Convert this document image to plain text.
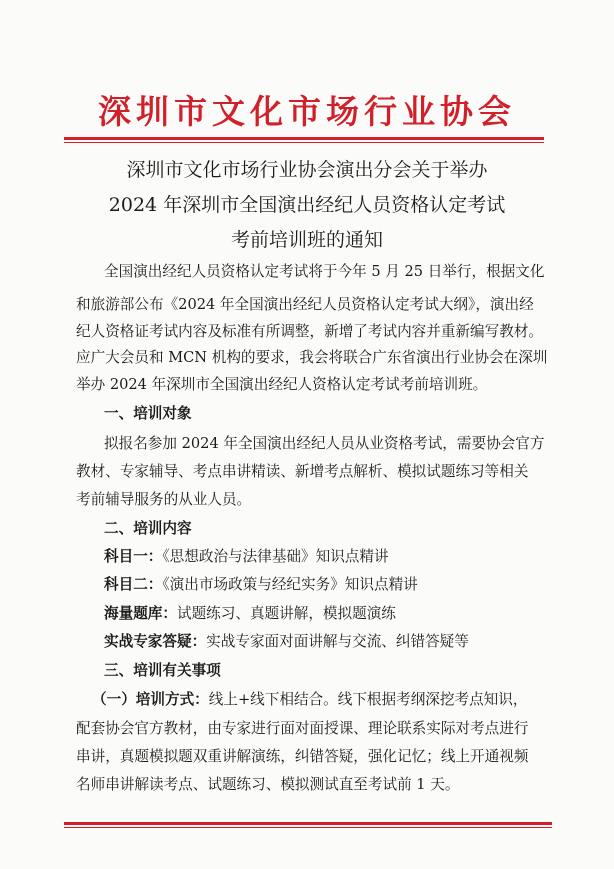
深圳市文化市场行业协会
深圳市文化市场行业协会演出分会关于举办
2024 年深圳市全国演出经纪人员资格认定考试
考前培训班的通知
全国演出经纪人员资格认定考试将于今年 5 月 25 日举行，根据文化
和旅游部公布《2024 年全国演出经纪人员资格认定考试大纲》，演出经
纪人资格证考试内容及标准有所调整，新增了考试内容并重新编写教材。
应广大会员和 MCN 机构的要求，我会将联合广东省演出行业协会在深圳
举办 2024 年深圳市全国演出经纪人资格认定考试考前培训班。
一、培训对象
拟报名参加 2024 年全国演出经纪人员从业资格考试，需要协会官方
教材、专家辅导、考点串讲精读、新增考点解析、模拟试题练习等相关
考前辅导服务的从业人员。
二、培训内容
科目一：《思想政治与法律基础》知识点精讲
科目二：《演出市场政策与经纪实务》知识点精讲
海量题库：试题练习、真题讲解，模拟题演练
实战专家答疑：实战专家面对面讲解与交流、纠错答疑等
三、培训有关事项
（一）培训方式：线上+线下相结合。线下根据考纲深挖考点知识，
配套协会官方教材，由专家进行面对面授课、理论联系实际对考点进行
串讲，真题模拟题双重讲解演练，纠错答疑，强化记忆；线上开通视频
名师串讲解读考点、试题练习、模拟测试直至考试前 1 天。
